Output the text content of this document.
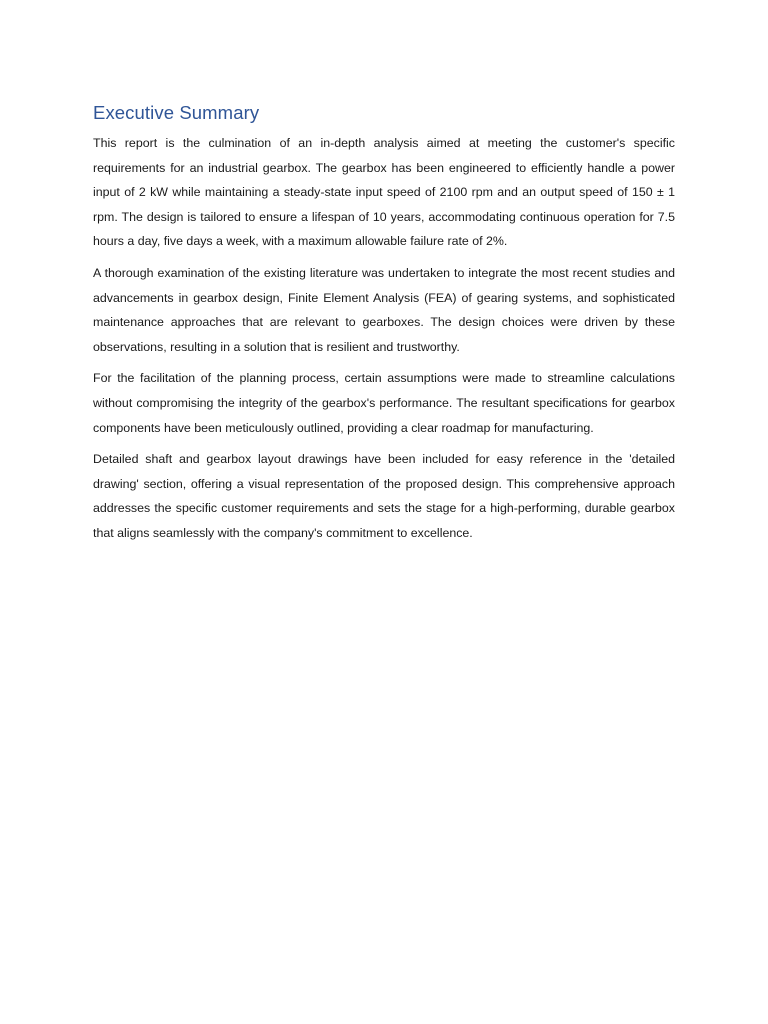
Executive Summary

This report is the culmination of an in-depth analysis aimed at meeting the customer's specific requirements for an industrial gearbox. The gearbox has been engineered to efficiently handle a power input of 2 kW while maintaining a steady-state input speed of 2100 rpm and an output speed of 150 ± 1 rpm. The design is tailored to ensure a lifespan of 10 years, accommodating continuous operation for 7.5 hours a day, five days a week, with a maximum allowable failure rate of 2%.

A thorough examination of the existing literature was undertaken to integrate the most recent studies and advancements in gearbox design, Finite Element Analysis (FEA) of gearing systems, and sophisticated maintenance approaches that are relevant to gearboxes. The design choices were driven by these observations, resulting in a solution that is resilient and trustworthy.

For the facilitation of the planning process, certain assumptions were made to streamline calculations without compromising the integrity of the gearbox's performance. The resultant specifications for gearbox components have been meticulously outlined, providing a clear roadmap for manufacturing.

Detailed shaft and gearbox layout drawings have been included for easy reference in the 'detailed drawing' section, offering a visual representation of the proposed design. This comprehensive approach addresses the specific customer requirements and sets the stage for a high-performing, durable gearbox that aligns seamlessly with the company's commitment to excellence.
